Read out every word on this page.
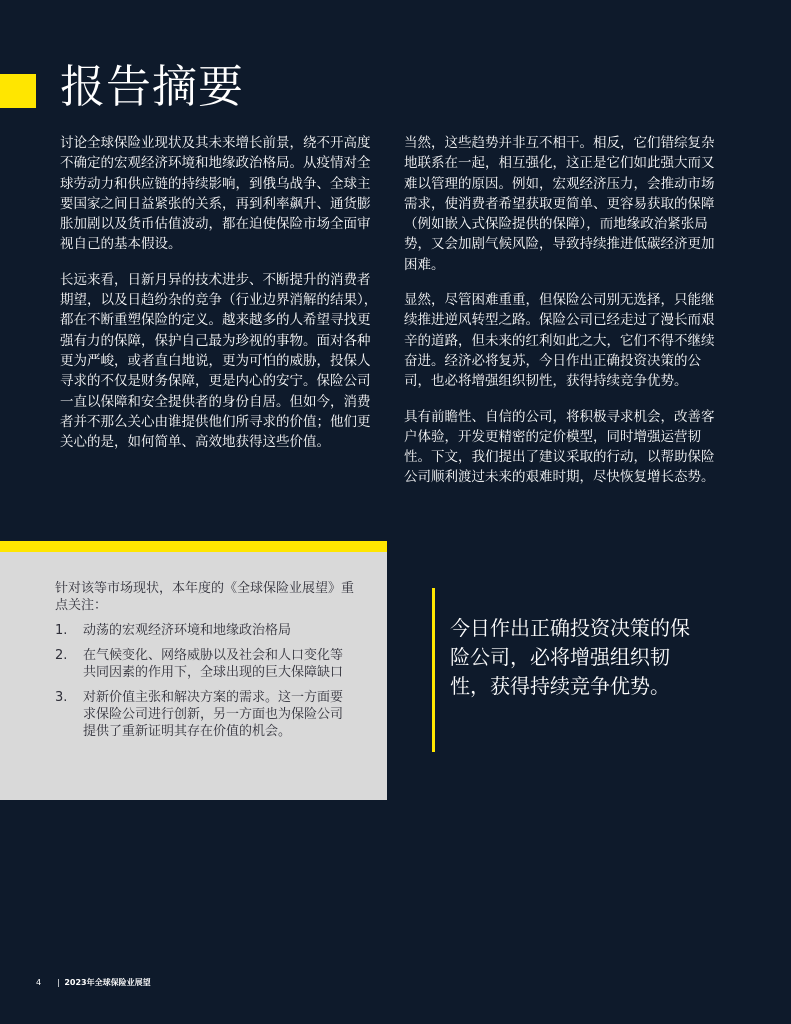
报告摘要

讨论全球保险业现状及其未来增长前景，绕不开高度不确定的宏观经济环境和地缘政治格局。从疫情对全球劳动力和供应链的持续影响，到俄乌战争、全球主要国家之间日益紧张的关系，再到利率飙升、通货膨胀加剧以及货币估值波动，都在迫使保险市场全面审视自己的基本假设。

长远来看，日新月异的技术进步、不断提升的消费者期望，以及日趋纷杂的竞争（行业边界消解的结果），都在不断重塑保险的定义。越来越多的人希望寻找更强有力的保障，保护自己最为珍视的事物。面对各种更为严峻，或者直白地说，更为可怕的威胁，投保人寻求的不仅是财务保障，更是内心的安宁。保险公司一直以保障和安全提供者的身份自居。但如今，消费者并不那么关心由谁提供他们所寻求的价值；他们更关心的是，如何简单、高效地获得这些价值。

当然，这些趋势并非互不相干。相反，它们错综复杂地联系在一起，相互强化，这正是它们如此强大而又难以管理的原因。例如，宏观经济压力，会推动市场需求，使消费者希望获取更简单、更容易获取的保障（例如嵌入式保险提供的保障），而地缘政治紧张局势，又会加剧气候风险，导致持续推进低碳经济更加困难。

显然，尽管困难重重，但保险公司别无选择，只能继续推进逆风转型之路。保险公司已经走过了漫长而艰辛的道路，但未来的红利如此之大，它们不得不继续奋进。经济必将复苏，今日作出正确投资决策的公司，也必将增强组织韧性，获得持续竞争优势。

具有前瞻性、自信的公司，将积极寻求机会，改善客户体验，开发更精密的定价模型，同时增强运营韧性。下文，我们提出了建议采取的行动，以帮助保险公司顺利渡过未来的艰难时期，尽快恢复增长态势。

针对该等市场现状，本年度的《全球保险业展望》重点关注：

1.	动荡的宏观经济环境和地缘政治格局
2.	在气候变化、网络威胁以及社会和人口变化等共同因素的作用下，全球出现的巨大保障缺口
3.	对新价值主张和解决方案的需求。这一方面要求保险公司进行创新，另一方面也为保险公司提供了重新证明其存在价值的机会。
今日作出正确投资决策的保险公司，必将增强组织韧性，获得持续竞争优势。
4 | 2023年全球保险业展望
